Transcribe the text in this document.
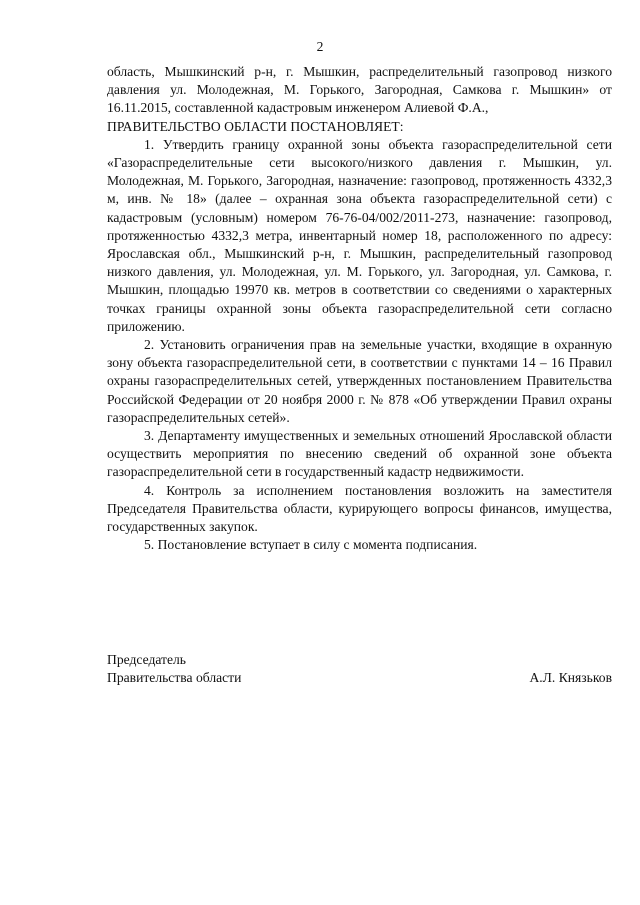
2

область, Мышкинский р-н, г. Мышкин, распределительный газопровод низкого давления ул. Молодежная, М. Горького, Загородная, Самкова г. Мышкин» от 16.11.2015, составленной кадастровым инженером Алиевой Ф.А.,

ПРАВИТЕЛЬСТВО ОБЛАСТИ ПОСТАНОВЛЯЕТ:

1. Утвердить границу охранной зоны объекта газораспределительной сети «Газораспределительные сети высокого/низкого давления г. Мышкин, ул. Молодежная, М. Горького, Загородная, назначение: газопровод, протяженность 4332,3 м, инв. № 18» (далее – охранная зона объекта газораспределительной сети) с кадастровым (условным) номером 76-76-04/002/2011-273, назначение: газопровод, протяженностью 4332,3 метра, инвентарный номер 18, расположенного по адресу: Ярославская обл., Мышкинский р-н, г. Мышкин, распределительный газопровод низкого давления, ул. Молодежная, ул. М. Горького, ул. Загородная, ул. Самкова, г. Мышкин, площадью 19970 кв. метров в соответствии со сведениями о характерных точках границы охранной зоны объекта газораспределительной сети согласно приложению.

2. Установить ограничения прав на земельные участки, входящие в охранную зону объекта газораспределительной сети, в соответствии с пунктами 14 – 16 Правил охраны газораспределительных сетей, утвержденных постановлением Правительства Российской Федерации от 20 ноября 2000 г. № 878 «Об утверждении Правил охраны газораспределительных сетей».

3. Департаменту имущественных и земельных отношений Ярославской области осуществить мероприятия по внесению сведений об охранной зоне объекта газораспределительной сети в государственный кадастр недвижимости.

4. Контроль за исполнением постановления возложить на заместителя Председателя Правительства области, курирующего вопросы финансов, имущества, государственных закупок.

5. Постановление вступает в силу с момента подписания.

Председатель
Правительства области	А.Л. Князьков
